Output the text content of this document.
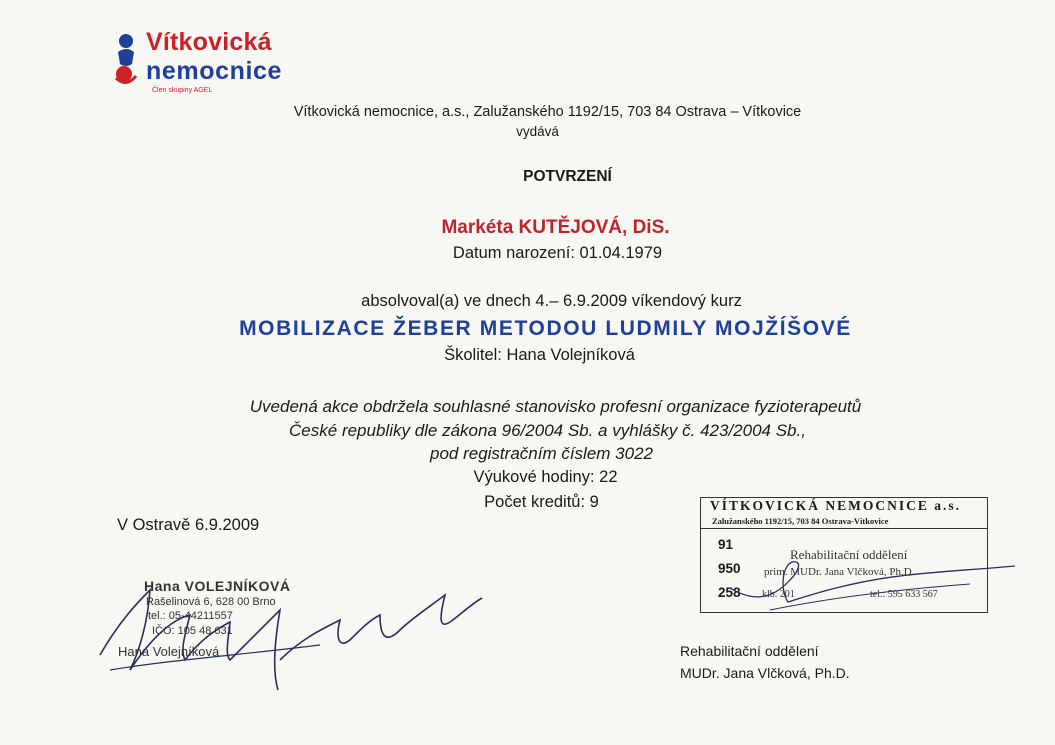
Vítkovická
nemocnice
Člen skupiny AGEL
Vítkovická nemocnice, a.s., Zalužanského 1192/15, 703 84 Ostrava – Vítkovice
vydává
POTVRZENÍ
Markéta KUTĚJOVÁ, DiS.
Datum narození: 01.04.1979
absolvoval(a) ve dnech 4.– 6.9.2009 víkendový kurz
MOBILIZACE ŽEBER METODOU LUDMILY MOJŽÍŠOVÉ
Školitel: Hana Volejníková
Uvedená akce obdržela souhlasné stanovisko profesní organizace fyzioterapeutů
České republiky dle zákona 96/2004 Sb. a vyhlášky č. 423/2004 Sb.,
pod registračním číslem 3022
Výukové hodiny: 22
Počet kreditů: 9
V Ostravě 6.9.2009
Hana VOLEJNÍKOVÁ
Rašelinová 6, 628 00 Brno
tel.: 05-44211557
IČO: 105 48 631
Hana Volejníková
VÍTKOVICKÁ NEMOCNICE a.s.
Zalužanského 1192/15, 703 84 Ostrava-Vítkovice
91
950
258
Rehabilitační oddělení
prim. MUDr. Jana Vlčková, Ph.D.
klb. 201	tel.: 595 633 567
Rehabilitační oddělení
MUDr. Jana Vlčková, Ph.D.
